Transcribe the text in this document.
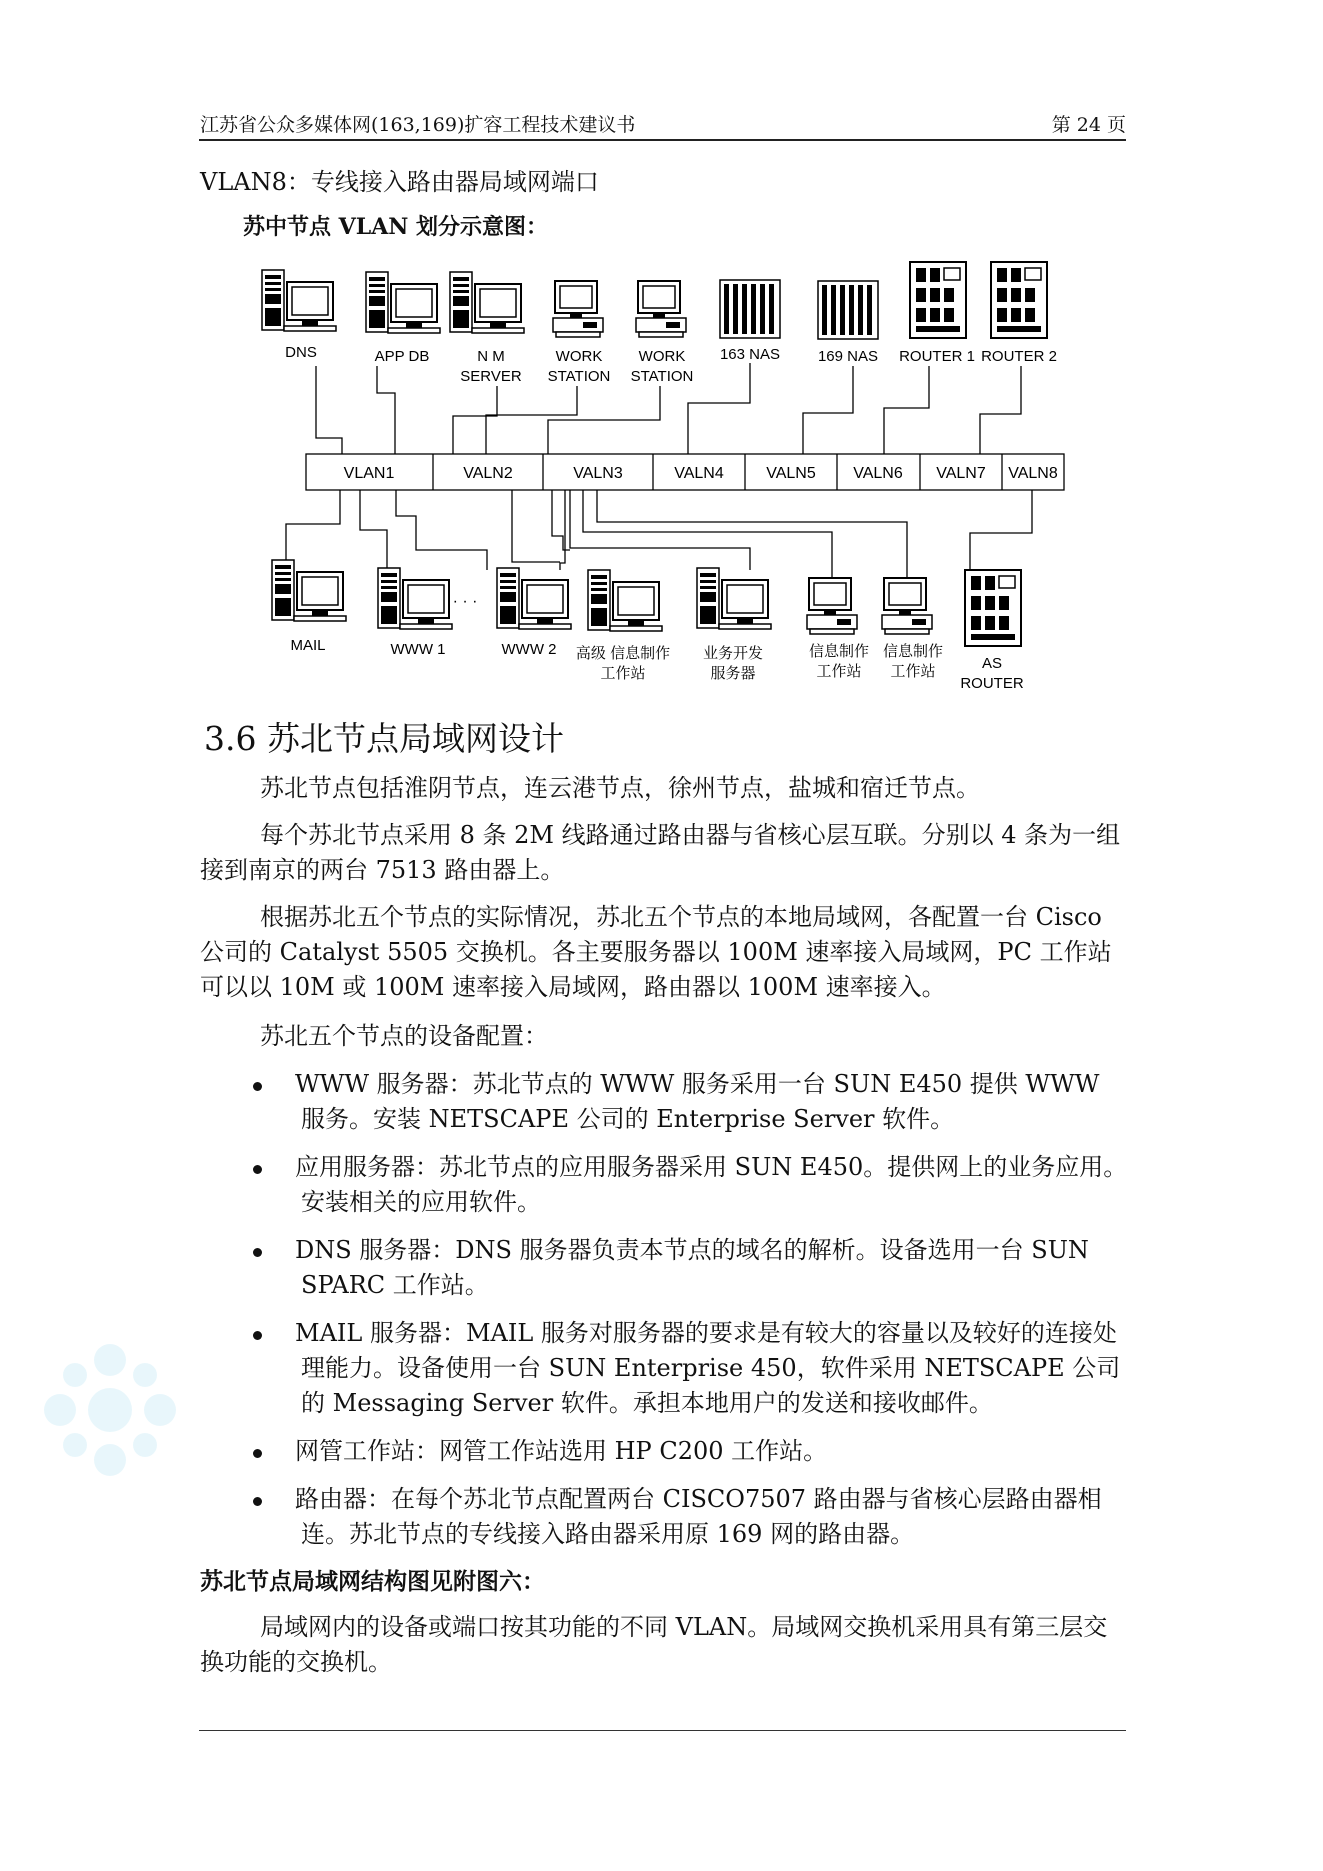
江苏省公众多媒体网(163,169)扩容工程技术建议书	第 24 页
VLAN8：专线接入路由器局域网端口
苏中节点 VLAN 划分示意图：
DNS	APP DB	N M
SERVER
WORK
STATION
WORK
STATION
163 NAS	169 NAS ROUTER 1 ROUTER 2
VLAN1	VALN2	VALN3	VALN4	VALN5 VALN6 VALN7 VALN8
· · ·
MAIL	WWW 1	WWW 2 高级 信息制作
工作站
业务开发
服务器
信息制作
工作站
信息制作
工作站	AS
ROUTER
3.6 苏北节点局域网设计
苏北节点包括淮阴节点，连云港节点，徐州节点，盐城和宿迁节点。
每个苏北节点采用 8 条 2M 线路通过路由器与省核心层互联。分别以 4 条为一组接到南京的两台 7513 路由器上。
根据苏北五个节点的实际情况，苏北五个节点的本地局域网，各配置一台 Cisco 公司的 Catalyst 5505 交换机。各主要服务器以 100M 速率接入局域网，PC 工作站可以以 10M 或 100M 速率接入局域网，路由器以 100M 速率接入。
苏北五个节点的设备配置：
WWW 服务器：苏北节点的 WWW 服务采用一台 SUN E450 提供 WWW 服务。安装 NETSCAPE 公司的 Enterprise Server 软件。
应用服务器：苏北节点的应用服务器采用 SUN E450。提供网上的业务应用。安装相关的应用软件。
DNS 服务器：DNS 服务器负责本节点的域名的解析。设备选用一台 SUN SPARC 工作站。
MAIL 服务器：MAIL 服务对服务器的要求是有较大的容量以及较好的连接处理能力。设备使用一台 SUN Enterprise 450，软件采用 NETSCAPE 公司的 Messaging Server 软件。承担本地用户的发送和接收邮件。
网管工作站：网管工作站选用 HP C200 工作站。
路由器：在每个苏北节点配置两台 CISCO7507 路由器与省核心层路由器相连。苏北节点的专线接入路由器采用原 169 网的路由器。
苏北节点局域网结构图见附图六：
局域网内的设备或端口按其功能的不同 VLAN。局域网交换机采用具有第三层交换功能的交换机。
